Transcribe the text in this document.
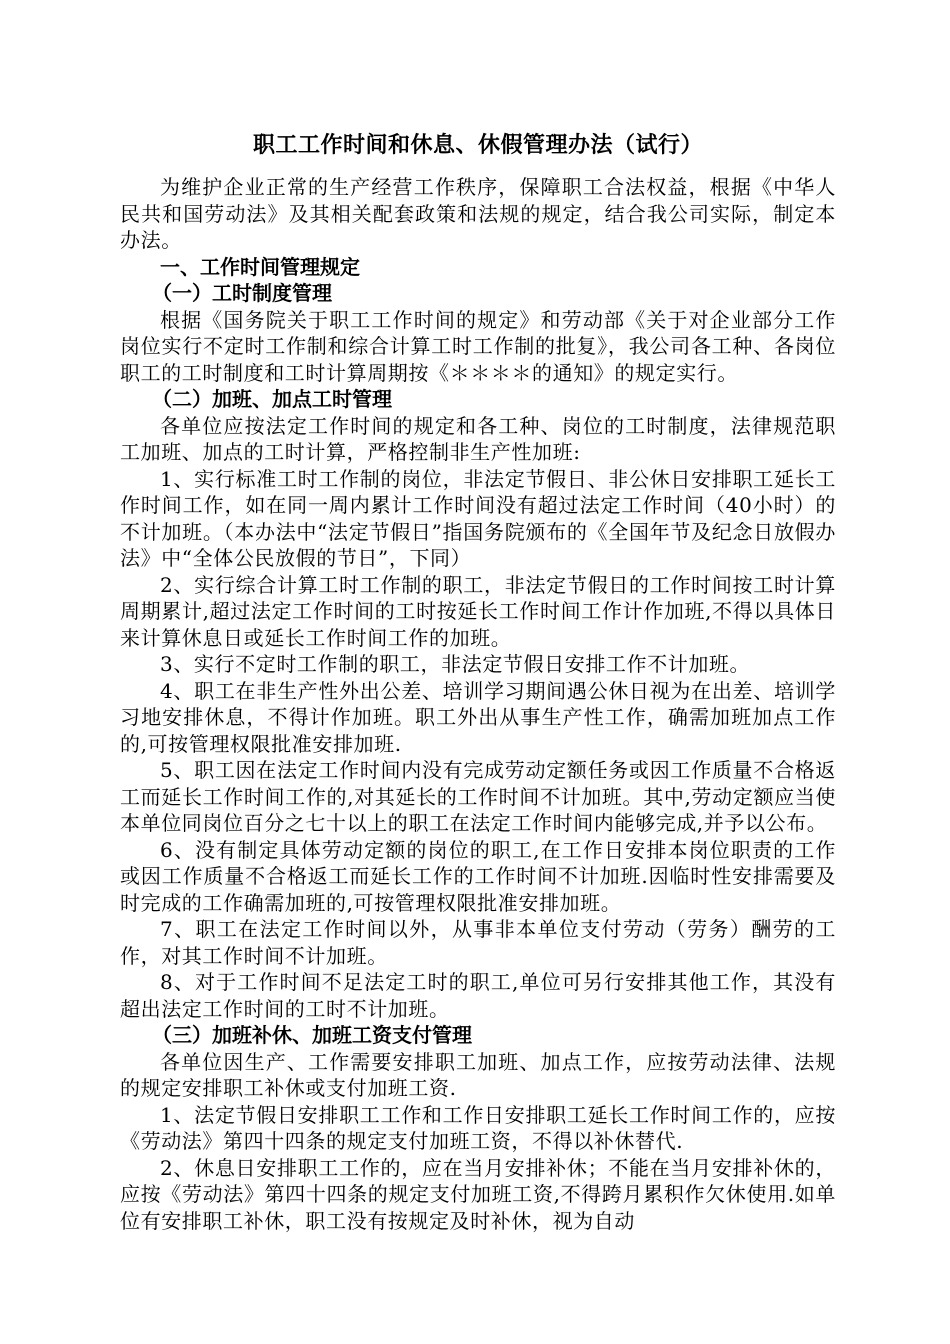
职工工作时间和休息、休假管理办法（试行）
为维护企业正常的生产经营工作秩序，保障职工合法权益，根据《中华人民共和国劳动法》及其相关配套政策和法规的规定，结合我公司实际，制定本办法。
一、工作时间管理规定
（一）工时制度管理
根据《国务院关于职工工作时间的规定》和劳动部《关于对企业部分工作岗位实行不定时工作制和综合计算工时工作制的批复》，我公司各工种、各岗位职工的工时制度和工时计算周期按《＊＊＊＊的通知》的规定实行。
（二）加班、加点工时管理
各单位应按法定工作时间的规定和各工种、岗位的工时制度，法律规范职工加班、加点的工时计算，严格控制非生产性加班:
1、实行标准工时工作制的岗位，非法定节假日、非公休日安排职工延长工作时间工作，如在同一周内累计工作时间没有超过法定工作时间（40小时）的不计加班。（本办法中“法定节假日”指国务院颁布的《全国年节及纪念日放假办法》中“全体公民放假的节日”，下同）
2、实行综合计算工时工作制的职工，非法定节假日的工作时间按工时计算周期累计,超过法定工作时间的工时按延长工作时间工作计作加班,不得以具体日来计算休息日或延长工作时间工作的加班。
3、实行不定时工作制的职工，非法定节假日安排工作不计加班。
4、职工在非生产性外出公差、培训学习期间遇公休日视为在出差、培训学习地安排休息，不得计作加班。职工外出从事生产性工作，确需加班加点工作的,可按管理权限批准安排加班.
5、职工因在法定工作时间内没有完成劳动定额任务或因工作质量不合格返工而延长工作时间工作的,对其延长的工作时间不计加班。其中,劳动定额应当使本单位同岗位百分之七十以上的职工在法定工作时间内能够完成,并予以公布。
6、没有制定具体劳动定额的岗位的职工,在工作日安排本岗位职责的工作或因工作质量不合格返工而延长工作的工作时间不计加班.因临时性安排需要及时完成的工作确需加班的,可按管理权限批准安排加班。
7、职工在法定工作时间以外，从事非本单位支付劳动（劳务）酬劳的工作，对其工作时间不计加班。
8、对于工作时间不足法定工时的职工,单位可另行安排其他工作，其没有超出法定工作时间的工时不计加班。
（三）加班补休、加班工资支付管理
各单位因生产、工作需要安排职工加班、加点工作，应按劳动法律、法规的规定安排职工补休或支付加班工资.
1、法定节假日安排职工工作和工作日安排职工延长工作时间工作的，应按《劳动法》第四十四条的规定支付加班工资，不得以补休替代.
2、休息日安排职工工作的，应在当月安排补休；不能在当月安排补休的，应按《劳动法》第四十四条的规定支付加班工资,不得跨月累积作欠休使用.如单位有安排职工补休，职工没有按规定及时补休，视为自动
